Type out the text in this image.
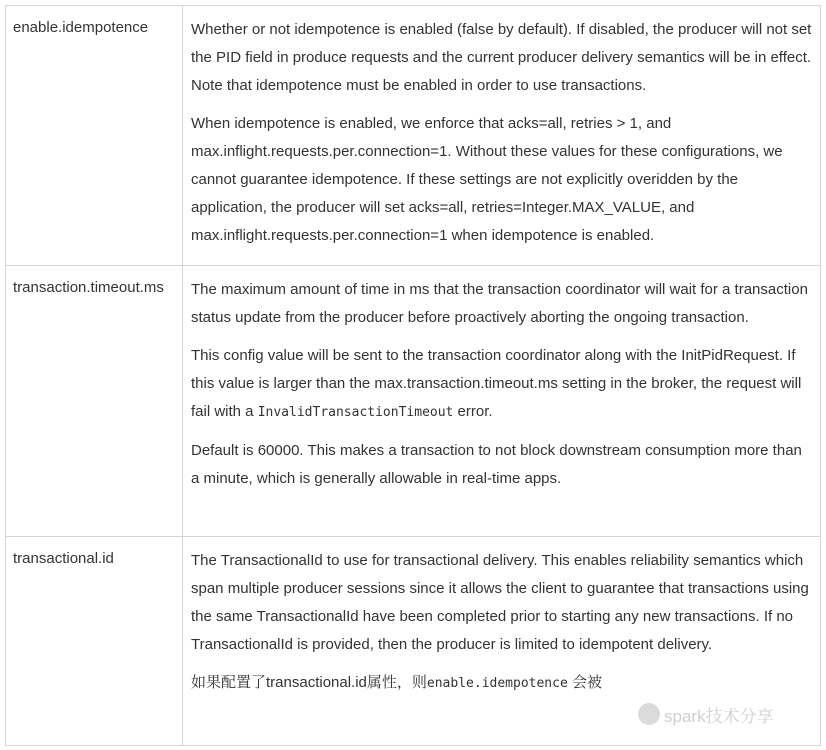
enable.idempotence	Whether or not idempotence is enabled (false by default). If disabled, the producer will not set the PID field in produce requests and the current producer delivery semantics will be in effect. Note that idempotence must be enabled in order to use transactions.

When idempotence is enabled, we enforce that acks=all, retries > 1, and max.inflight.requests.per.connection=1. Without these values for these configurations, we cannot guarantee idempotence. If these settings are not explicitly overidden by the application, the producer will set acks=all, retries=Integer.MAX_VALUE, and max.inflight.requests.per.connection=1 when idempotence is enabled.

transaction.timeout.ms	The maximum amount of time in ms that the transaction coordinator will wait for a transaction status update from the producer before proactively aborting the ongoing transaction.

This config value will be sent to the transaction coordinator along with the InitPidRequest. If this value is larger than the max.transaction.timeout.ms setting in the broker, the request will fail with a InvalidTransactionTimeout error.

Default is 60000. This makes a transaction to not block downstream consumption more than a minute, which is generally allowable in real-time apps.

transactional.id	The TransactionalId to use for transactional delivery. This enables reliability semantics which span multiple producer sessions since it allows the client to guarantee that transactions using the same TransactionalId have been completed prior to starting any new transactions. If no TransactionalId is provided, then the producer is limited to idempotent delivery.

如果配置了transactional.id属性，则enable.idempotence 会被

spark技术分享
